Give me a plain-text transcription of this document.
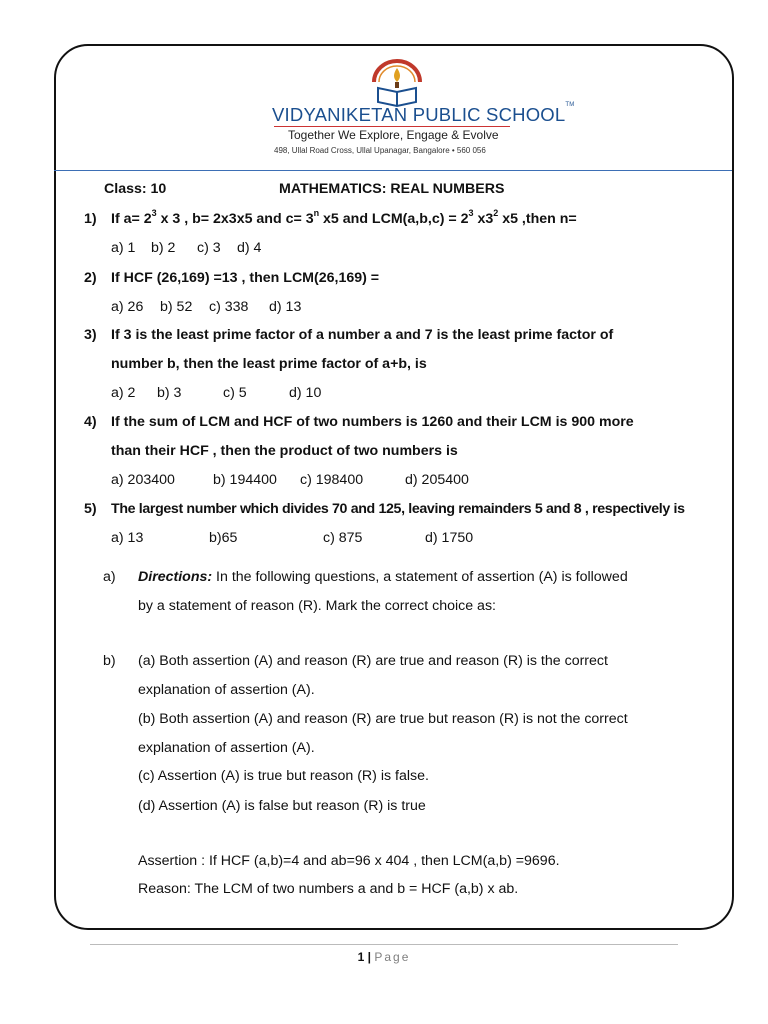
VIDYANIKETAN PUBLIC SCHOOL™
Together We Explore, Engage & Evolve
498, Ullal Road Cross, Ullal Upanagar, Bangalore • 560 056
Class: 10	MATHEMATICS: REAL NUMBERS
1) If $a= 2^3$ x 3 , b= 2x3x5 and $c= 3^n$ x5 and $LCM(a,b,c) = 2^3$ $x3^2$ x5 ,then n=
a) 1 b) 2 c) 3 d) 4
2) If HCF (26,169) =13 , then LCM(26,169) =
a) 26 b) 52 c) 338 d) 13
3) If 3 is the least prime factor of a number a and 7 is the least prime factor of
number b, then the least prime factor of a+b, is
a) 2 b) 3	c) 5	d) 10
4) If the sum of LCM and HCF of two numbers is 1260 and their LCM is 900 more
than their HCF , then the product of two numbers is
a) 203400	b) 194400 c) 198400	d) 205400
5) The largest number which divides 70 and 125, leaving remainders 5 and 8 , respectively is
a) 13	b)65	c) 875	d) 1750
a) Directions: In the following questions, a statement of assertion (A) is followed
by a statement of reason (R). Mark the correct choice as:
b) (a) Both assertion (A) and reason (R) are true and reason (R) is the correct
explanation of assertion (A).
(b) Both assertion (A) and reason (R) are true but reason (R) is not the correct
explanation of assertion (A).
(c) Assertion (A) is true but reason (R) is false.
(d) Assertion (A) is false but reason (R) is true
Assertion : If HCF (a,b)=4 and ab=96 x 404 , then LCM(a,b) =9696.
Reason: The LCM of two numbers a and b = HCF (a,b) x ab.
1 | Page
